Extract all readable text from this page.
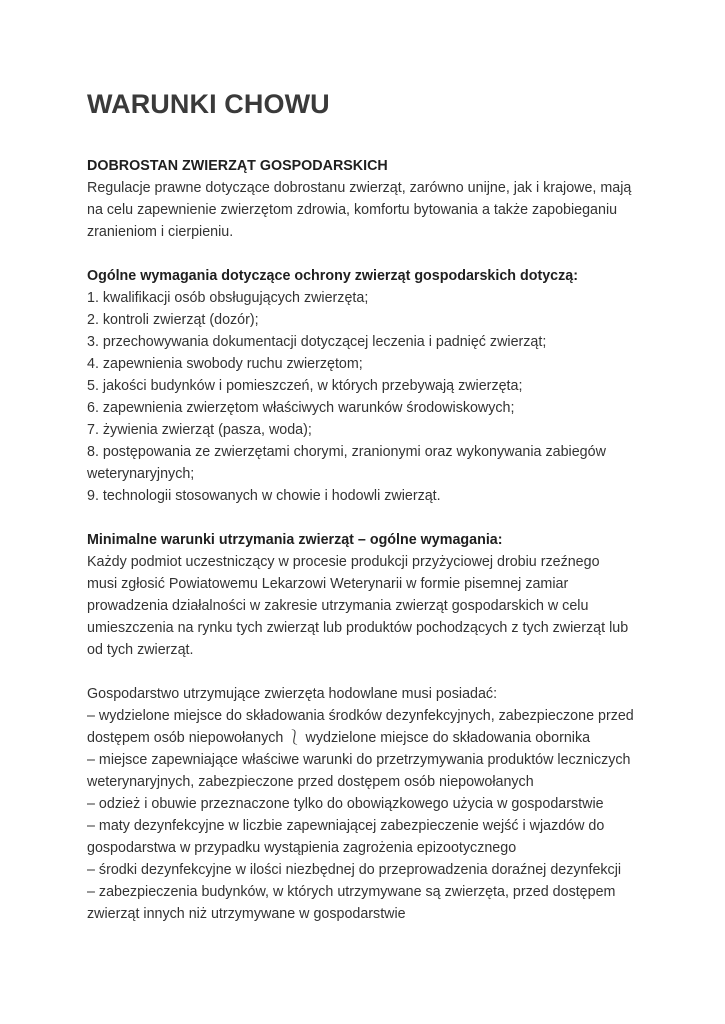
WARUNKI CHOWU
DOBROSTAN ZWIERZĄT GOSPODARSKICH
Regulacje prawne dotyczące dobrostanu zwierząt, zarówno unijne, jak i krajowe, mają
na celu zapewnienie zwierzętom zdrowia, komfortu bytowania a także zapobieganiu
zranieniom i cierpieniu.
Ogólne wymagania dotyczące ochrony zwierząt gospodarskich dotyczą:
1. kwalifikacji osób obsługujących zwierzęta;
2. kontroli zwierząt (dozór);
3. przechowywania dokumentacji dotyczącej leczenia i padnięć zwierząt;
4. zapewnienia swobody ruchu zwierzętom;
5. jakości budynków i pomieszczeń, w których przebywają zwierzęta;
6. zapewnienia zwierzętom właściwych warunków środowiskowych;
7. żywienia zwierząt (pasza, woda);
8. postępowania ze zwierzętami chorymi, zranionymi oraz wykonywania zabiegów
weterynaryjnych;
9. technologii stosowanych w chowie i hodowli zwierząt.
Minimalne warunki utrzymania zwierząt – ogólne wymagania:
Każdy podmiot uczestniczący w procesie produkcji przyżyciowej drobiu rzeźnego
musi zgłosić Powiatowemu Lekarzowi Weterynarii w formie pisemnej zamiar
prowadzenia działalności w zakresie utrzymania zwierząt gospodarskich w celu
umieszczenia na rynku tych zwierząt lub produktów pochodzących z tych zwierząt lub
od tych zwierząt.
Gospodarstwo utrzymujące zwierzęta hodowlane musi posiadać:
– wydzielone miejsce do składowania środków dezynfekcyjnych, zabezpieczone przed
dostępem osób niepowołanych ⎱ wydzielone miejsce do składowania obornika
– miejsce zapewniające właściwe warunki do przetrzymywania produktów leczniczych
weterynaryjnych, zabezpieczone przed dostępem osób niepowołanych
– odzież i obuwie przeznaczone tylko do obowiązkowego użycia w gospodarstwie
– maty dezynfekcyjne w liczbie zapewniającej zabezpieczenie wejść i wjazdów do
gospodarstwa w przypadku wystąpienia zagrożenia epizootycznego
– środki dezynfekcyjne w ilości niezbędnej do przeprowadzenia doraźnej dezynfekcji
– zabezpieczenia budynków, w których utrzymywane są zwierzęta, przed dostępem
zwierząt innych niż utrzymywane w gospodarstwie
